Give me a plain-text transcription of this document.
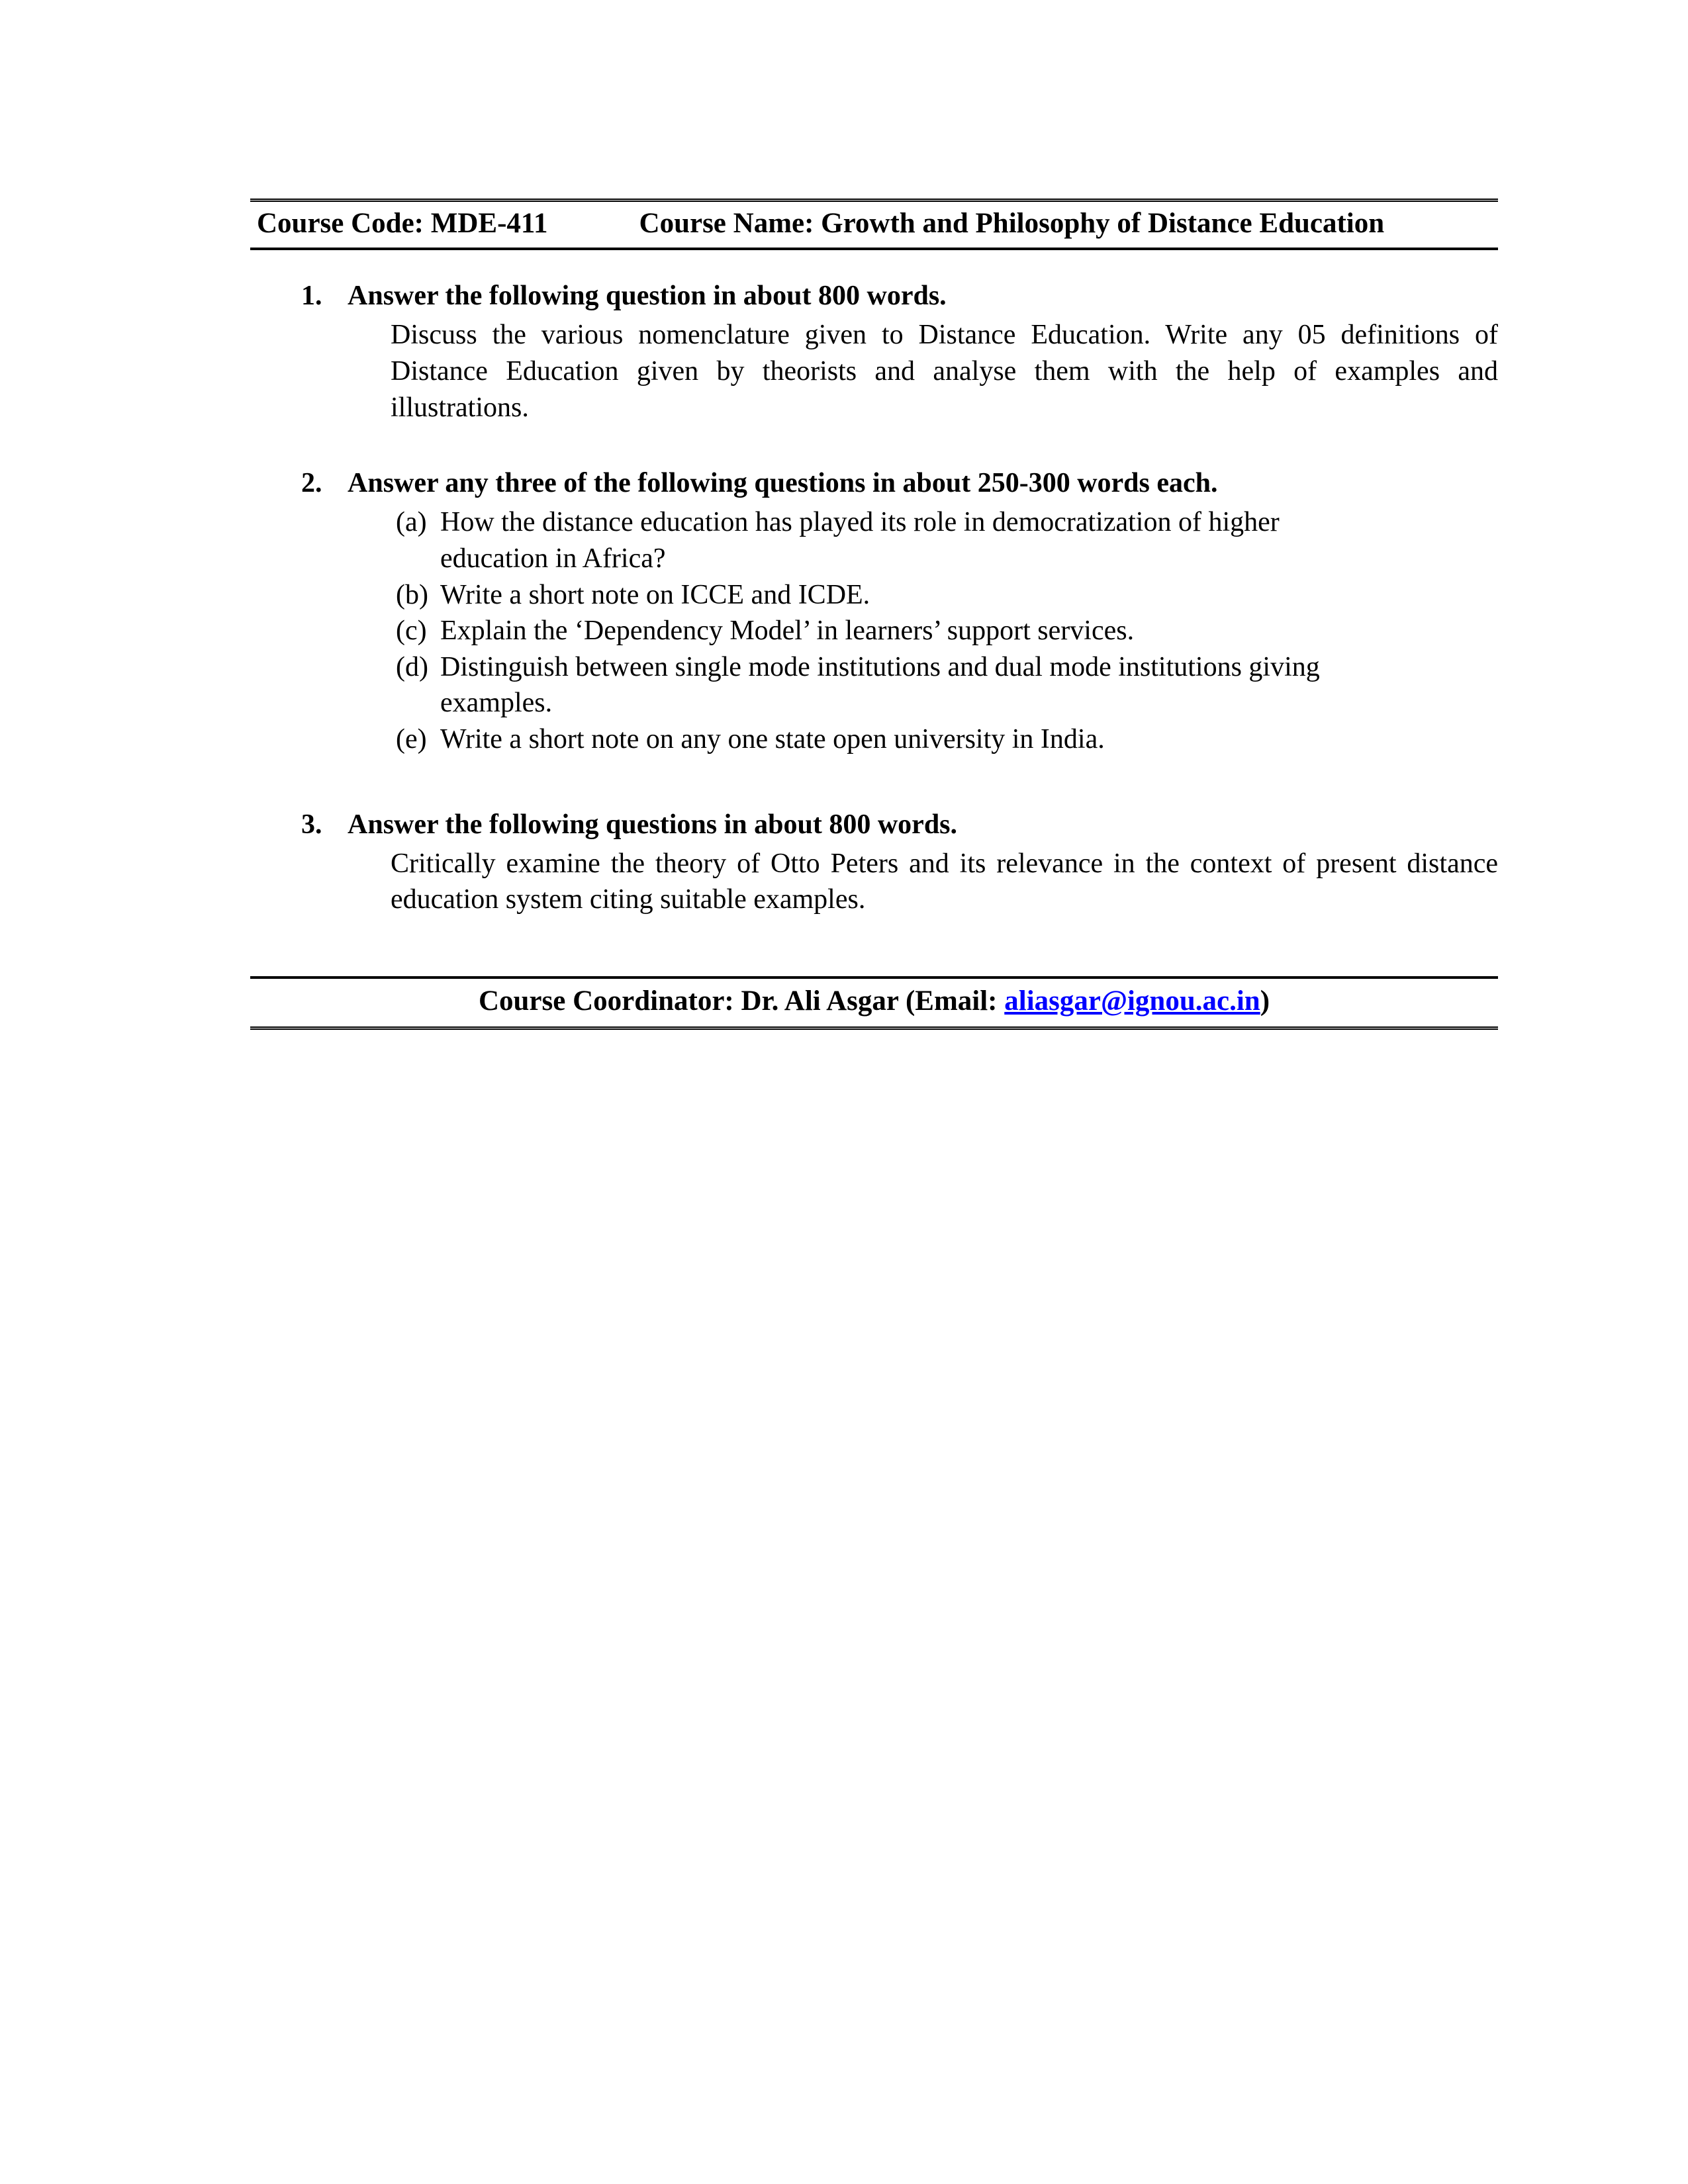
Course Code: MDE-411	Course Name: Growth and Philosophy of Distance Education
1. Answer the following question in about 800 words.
Discuss the various nomenclature given to Distance Education. Write any 05 definitions of Distance Education given by theorists and analyse them with the help of examples and illustrations.
2. Answer any three of the following questions in about 250-300 words each.
(a) How the distance education has played its role in democratization of higher education in Africa?
(b) Write a short note on ICCE and ICDE.
(c) Explain the ‘Dependency Model’ in learners’ support services.
(d) Distinguish between single mode institutions and dual mode institutions giving examples.
(e) Write a short note on any one state open university in India.
3. Answer the following questions in about 800 words.
Critically examine the theory of Otto Peters and its relevance in the context of present distance education system citing suitable examples.
Course Coordinator: Dr. Ali Asgar (Email: aliasgar@ignou.ac.in)
